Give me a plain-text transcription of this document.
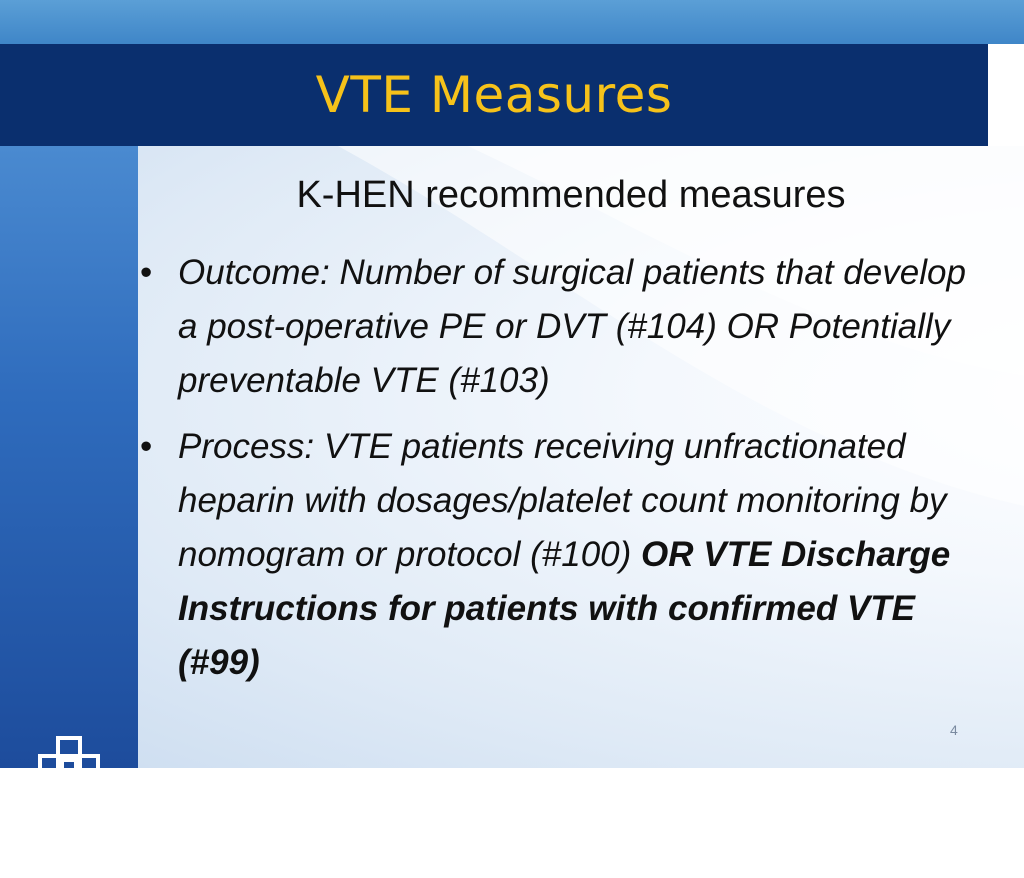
VTE Measures
Kentucky
Hospital
Association
K-HEN recommended measures
• Outcome: Number of surgical patients that develop a post-operative PE or DVT (#104) OR Potentially preventable VTE (#103)
• Process: VTE patients receiving unfractionated heparin with dosages/platelet count monitoring by nomogram or protocol (#100) OR VTE Discharge Instructions for patients with confirmed VTE (#99)
4
